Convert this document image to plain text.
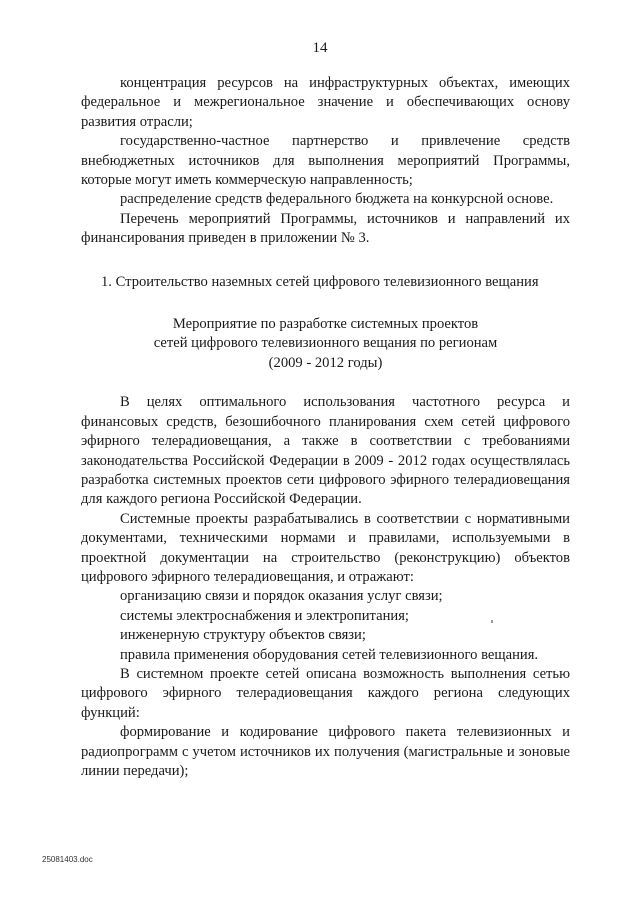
14

концентрация ресурсов на инфраструктурных объектах, имеющих федеральное и межрегиональное значение и обеспечивающих основу развития отрасли;

государственно-частное партнерство и привлечение средств внебюджетных источников для выполнения мероприятий Программы, которые могут иметь коммерческую направленность;

распределение средств федерального бюджета на конкурсной основе.

Перечень мероприятий Программы, источников и направлений их финансирования приведен в приложении № 3.

1. Строительство наземных сетей цифрового телевизионного вещания

Мероприятие по разработке системных проектов
сетей цифрового телевизионного вещания по регионам
(2009 - 2012 годы)

В целях оптимального использования частотного ресурса и финансовых средств, безошибочного планирования схем сетей цифрового эфирного телерадиовещания, а также в соответствии с требованиями законодательства Российской Федерации в 2009 - 2012 годах осуществлялась разработка системных проектов сети цифрового эфирного телерадиовещания для каждого региона Российской Федерации.

Системные проекты разрабатывались в соответствии с нормативными документами, техническими нормами и правилами, используемыми в проектной документации на строительство (реконструкцию) объектов цифрового эфирного телерадиовещания, и отражают:

организацию связи и порядок оказания услуг связи;

системы электроснабжения и электропитания;

инженерную структуру объектов связи;

правила применения оборудования сетей телевизионного вещания.

В системном проекте сетей описана возможность выполнения сетью цифрового эфирного телерадиовещания каждого региона следующих функций:

формирование и кодирование цифрового пакета телевизионных и радиопрограмм с учетом источников их получения (магистральные и зоновые линии передачи);

25081403.doc
